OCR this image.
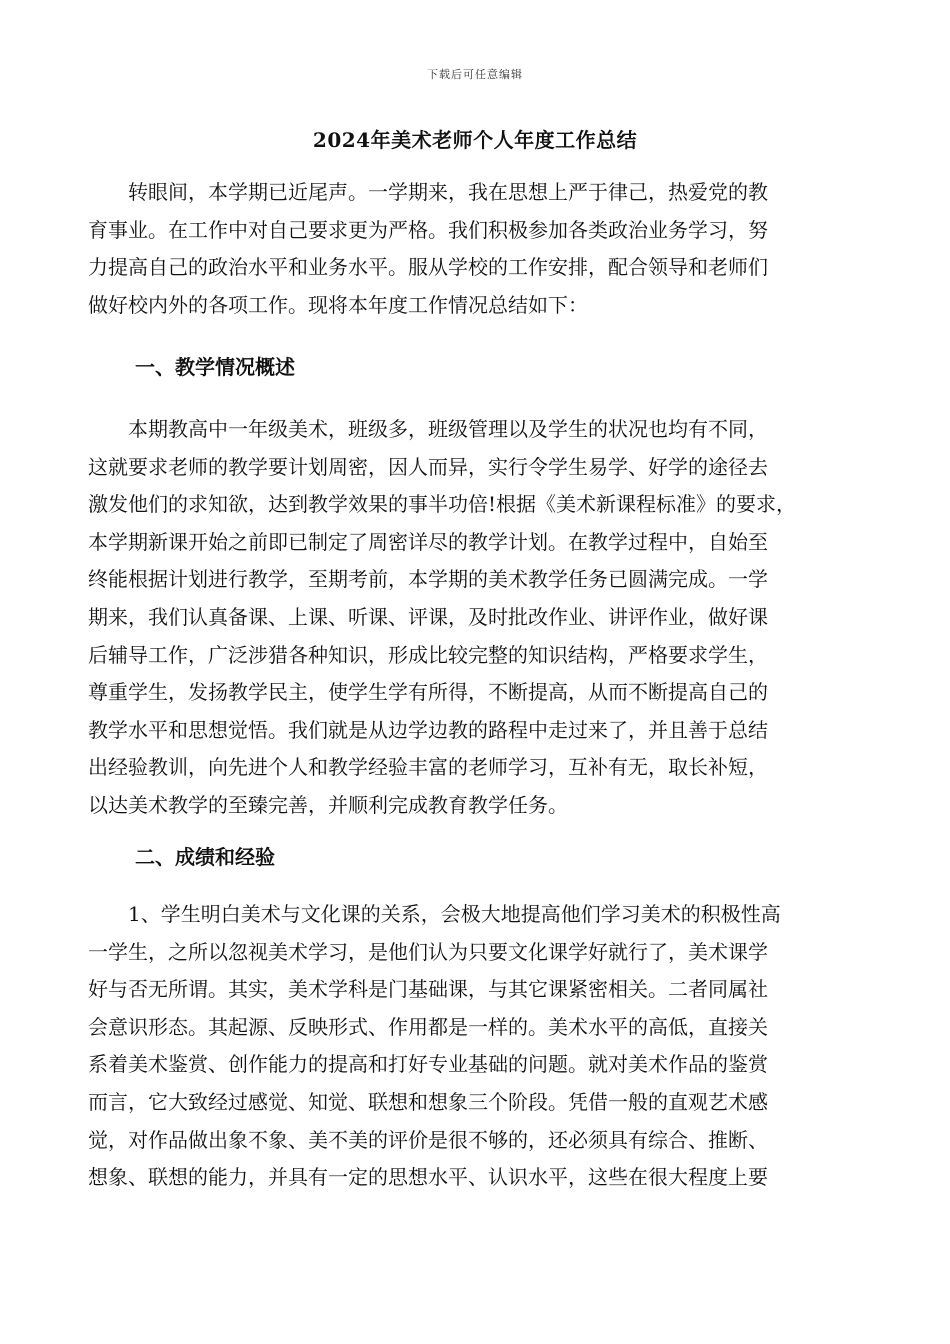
下载后可任意编辑
2024年美术老师个人年度工作总结
　　转眼间，本学期已近尾声。一学期来，我在思想上严于律己，热爱党的教
育事业。在工作中对自己要求更为严格。我们积极参加各类政治业务学习，努
力提高自己的政治水平和业务水平。服从学校的工作安排，配合领导和老师们
做好校内外的各项工作。现将本年度工作情况总结如下：
一、教学情况概述
　　本期教高中一年级美术，班级多，班级管理以及学生的状况也均有不同，
这就要求老师的教学要计划周密，因人而异，实行令学生易学、好学的途径去
激发他们的求知欲，达到教学效果的事半功倍!根据《美术新课程标准》的要求，
本学期新课开始之前即已制定了周密详尽的教学计划。在教学过程中，自始至
终能根据计划进行教学，至期考前，本学期的美术教学任务已圆满完成。一学
期来，我们认真备课、上课、听课、评课，及时批改作业、讲评作业，做好课
后辅导工作，广泛涉猎各种知识，形成比较完整的知识结构，严格要求学生，
尊重学生，发扬教学民主，使学生学有所得，不断提高，从而不断提高自己的
教学水平和思想觉悟。我们就是从边学边教的路程中走过来了，并且善于总结
出经验教训，向先进个人和教学经验丰富的老师学习，互补有无，取长补短，
以达美术教学的至臻完善，并顺利完成教育教学任务。
二、成绩和经验
　　1、学生明白美术与文化课的关系，会极大地提高他们学习美术的积极性高
一学生，之所以忽视美术学习，是他们认为只要文化课学好就行了，美术课学
好与否无所谓。其实，美术学科是门基础课，与其它课紧密相关。二者同属社
会意识形态。其起源、反映形式、作用都是一样的。美术水平的高低，直接关
系着美术鉴赏、创作能力的提高和打好专业基础的问题。就对美术作品的鉴赏
而言，它大致经过感觉、知觉、联想和想象三个阶段。凭借一般的直观艺术感
觉，对作品做出象不象、美不美的评价是很不够的，还必须具有综合、推断、
想象、联想的能力，并具有一定的思想水平、认识水平，这些在很大程度上要
